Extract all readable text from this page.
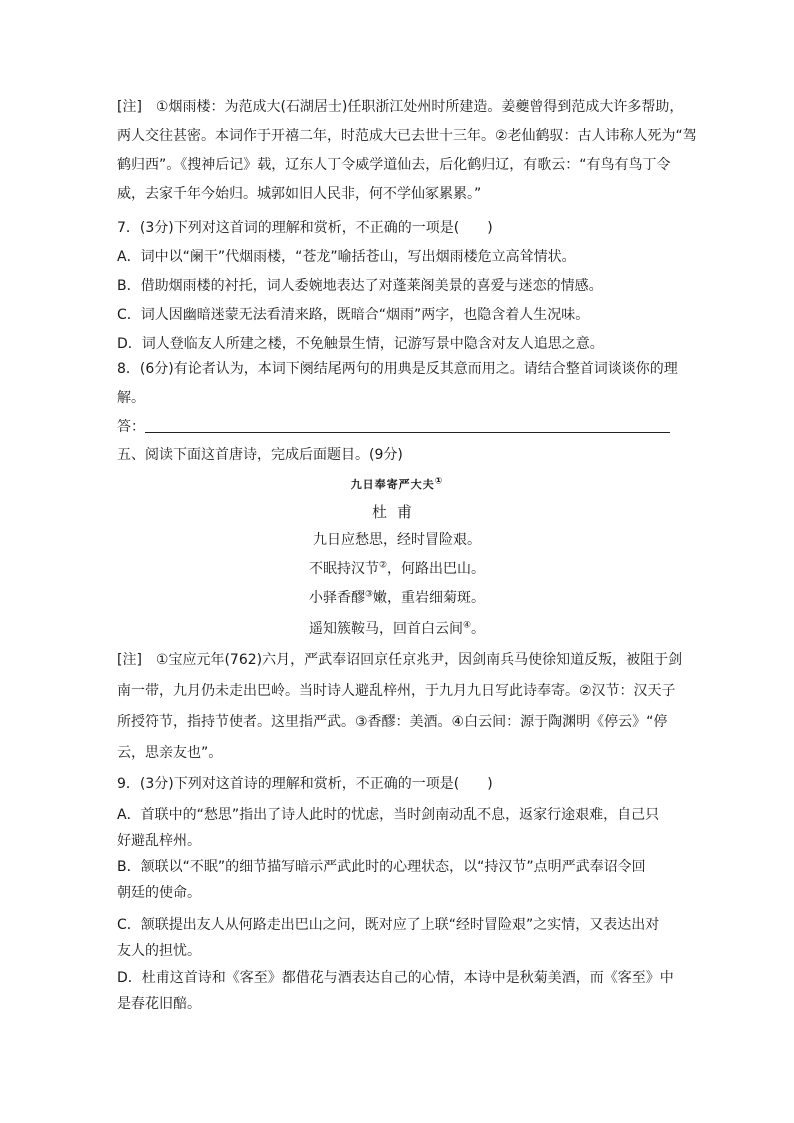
[注]　①烟雨楼：为范成大(石湖居士)任职浙江处州时所建造。姜夔曾得到范成大许多帮助，
两人交往甚密。本词作于开禧二年，时范成大已去世十三年。②老仙鹤驭：古人讳称人死为“驾
鹤归西”。《搜神后记》载，辽东人丁令威学道仙去，后化鹤归辽，有歌云：“有鸟有鸟丁令
威，去家千年今始归。城郭如旧人民非，何不学仙冢累累。”
7．(3分)下列对这首词的理解和赏析，不正确的一项是(　　)
A．词中以“阑干”代烟雨楼，“苍龙”喻括苍山，写出烟雨楼危立高耸情状。
B．借助烟雨楼的衬托，词人委婉地表达了对蓬莱阁美景的喜爱与迷恋的情感。
C．词人因幽暗迷蒙无法看清来路，既暗合“烟雨”两字，也隐含着人生况味。
D．词人登临友人所建之楼，不免触景生情，记游写景中隐含对友人追思之意。
8．(6分)有论者认为，本词下阕结尾两句的用典是反其意而用之。请结合整首词谈谈你的理
解。
答：
五、阅读下面这首唐诗，完成后面题目。(9分)
九日奉寄严大夫①
杜甫
九日应愁思，经时冒险艰。
不眠持汉节②，何路出巴山。
小驿香醪③嫩，重岩细菊斑。
遥知簇鞍马，回首白云间④。
[注]　①宝应元年(762)六月，严武奉诏回京任京兆尹，因剑南兵马使徐知道反叛，被阻于剑
南一带，九月仍未走出巴岭。当时诗人避乱梓州，于九月九日写此诗奉寄。②汉节：汉天子
所授符节，指持节使者。这里指严武。③香醪：美酒。④白云间：源于陶渊明《停云》“停
云，思亲友也”。
9．(3分)下列对这首诗的理解和赏析，不正确的一项是(　　)
A．首联中的“愁思”指出了诗人此时的忧虑，当时剑南动乱不息，返家行途艰难，自己只
好避乱梓州。
B．颔联以“不眠”的细节描写暗示严武此时的心理状态，以“持汉节”点明严武奉诏令回
朝廷的使命。
C．颔联提出友人从何路走出巴山之问，既对应了上联“经时冒险艰”之实情，又表达出对
友人的担忧。
D．杜甫这首诗和《客至》都借花与酒表达自己的心情，本诗中是秋菊美酒，而《客至》中
是春花旧醅。
